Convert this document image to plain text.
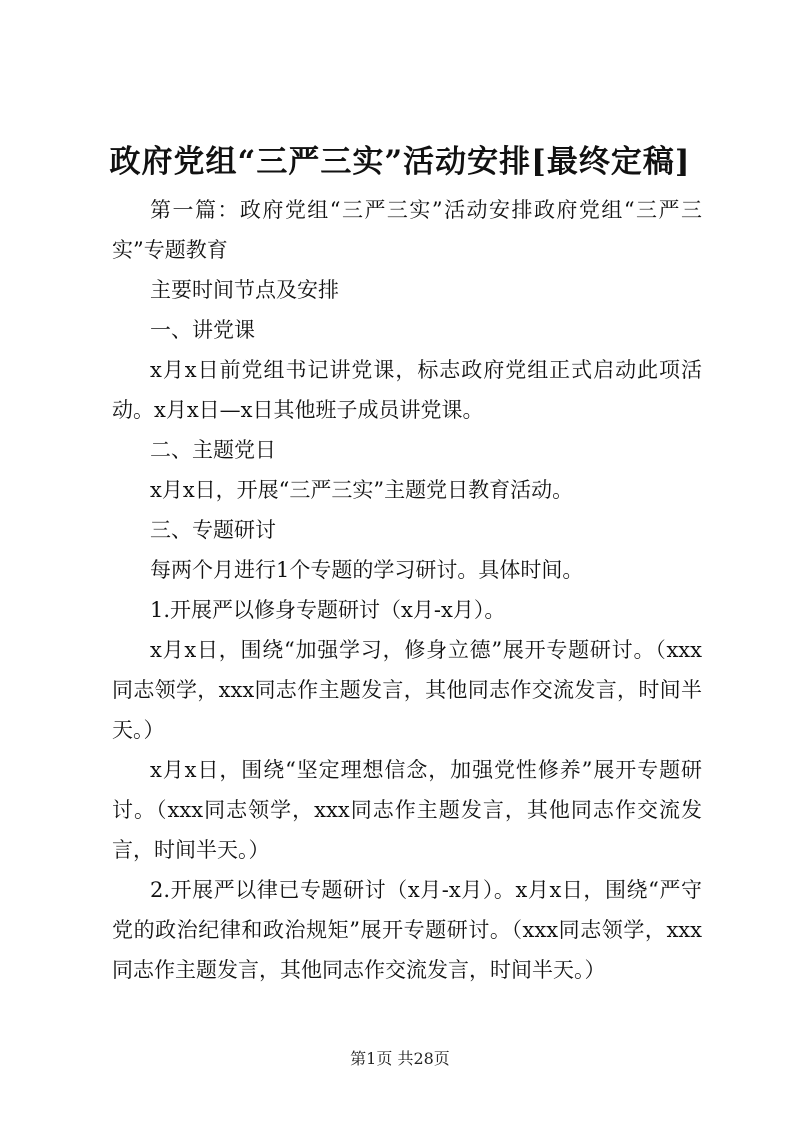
政府党组“三严三实”活动安排[最终定稿]

第一篇：政府党组“三严三实”活动安排政府党组“三严三实”专题教育

主要时间节点及安排

一、讲党课

x月x日前党组书记讲党课，标志政府党组正式启动此项活动。x月x日—x日其他班子成员讲党课。

二、主题党日

x月x日，开展“三严三实”主题党日教育活动。

三、专题研讨

每两个月进行1个专题的学习研讨。具体时间。

1.开展严以修身专题研讨（x月-x月）。

x月x日，围绕“加强学习，修身立德”展开专题研讨。（xxx同志领学，xxx同志作主题发言，其他同志作交流发言，时间半天。）

x月x日，围绕“坚定理想信念，加强党性修养”展开专题研讨。（xxx同志领学，xxx同志作主题发言，其他同志作交流发言，时间半天。）

2.开展严以律已专题研讨（x月-x月）。x月x日，围绕“严守党的政治纪律和政治规矩”展开专题研讨。（xxx同志领学，xxx同志作主题发言，其他同志作交流发言，时间半天。）

第1页 共28页
